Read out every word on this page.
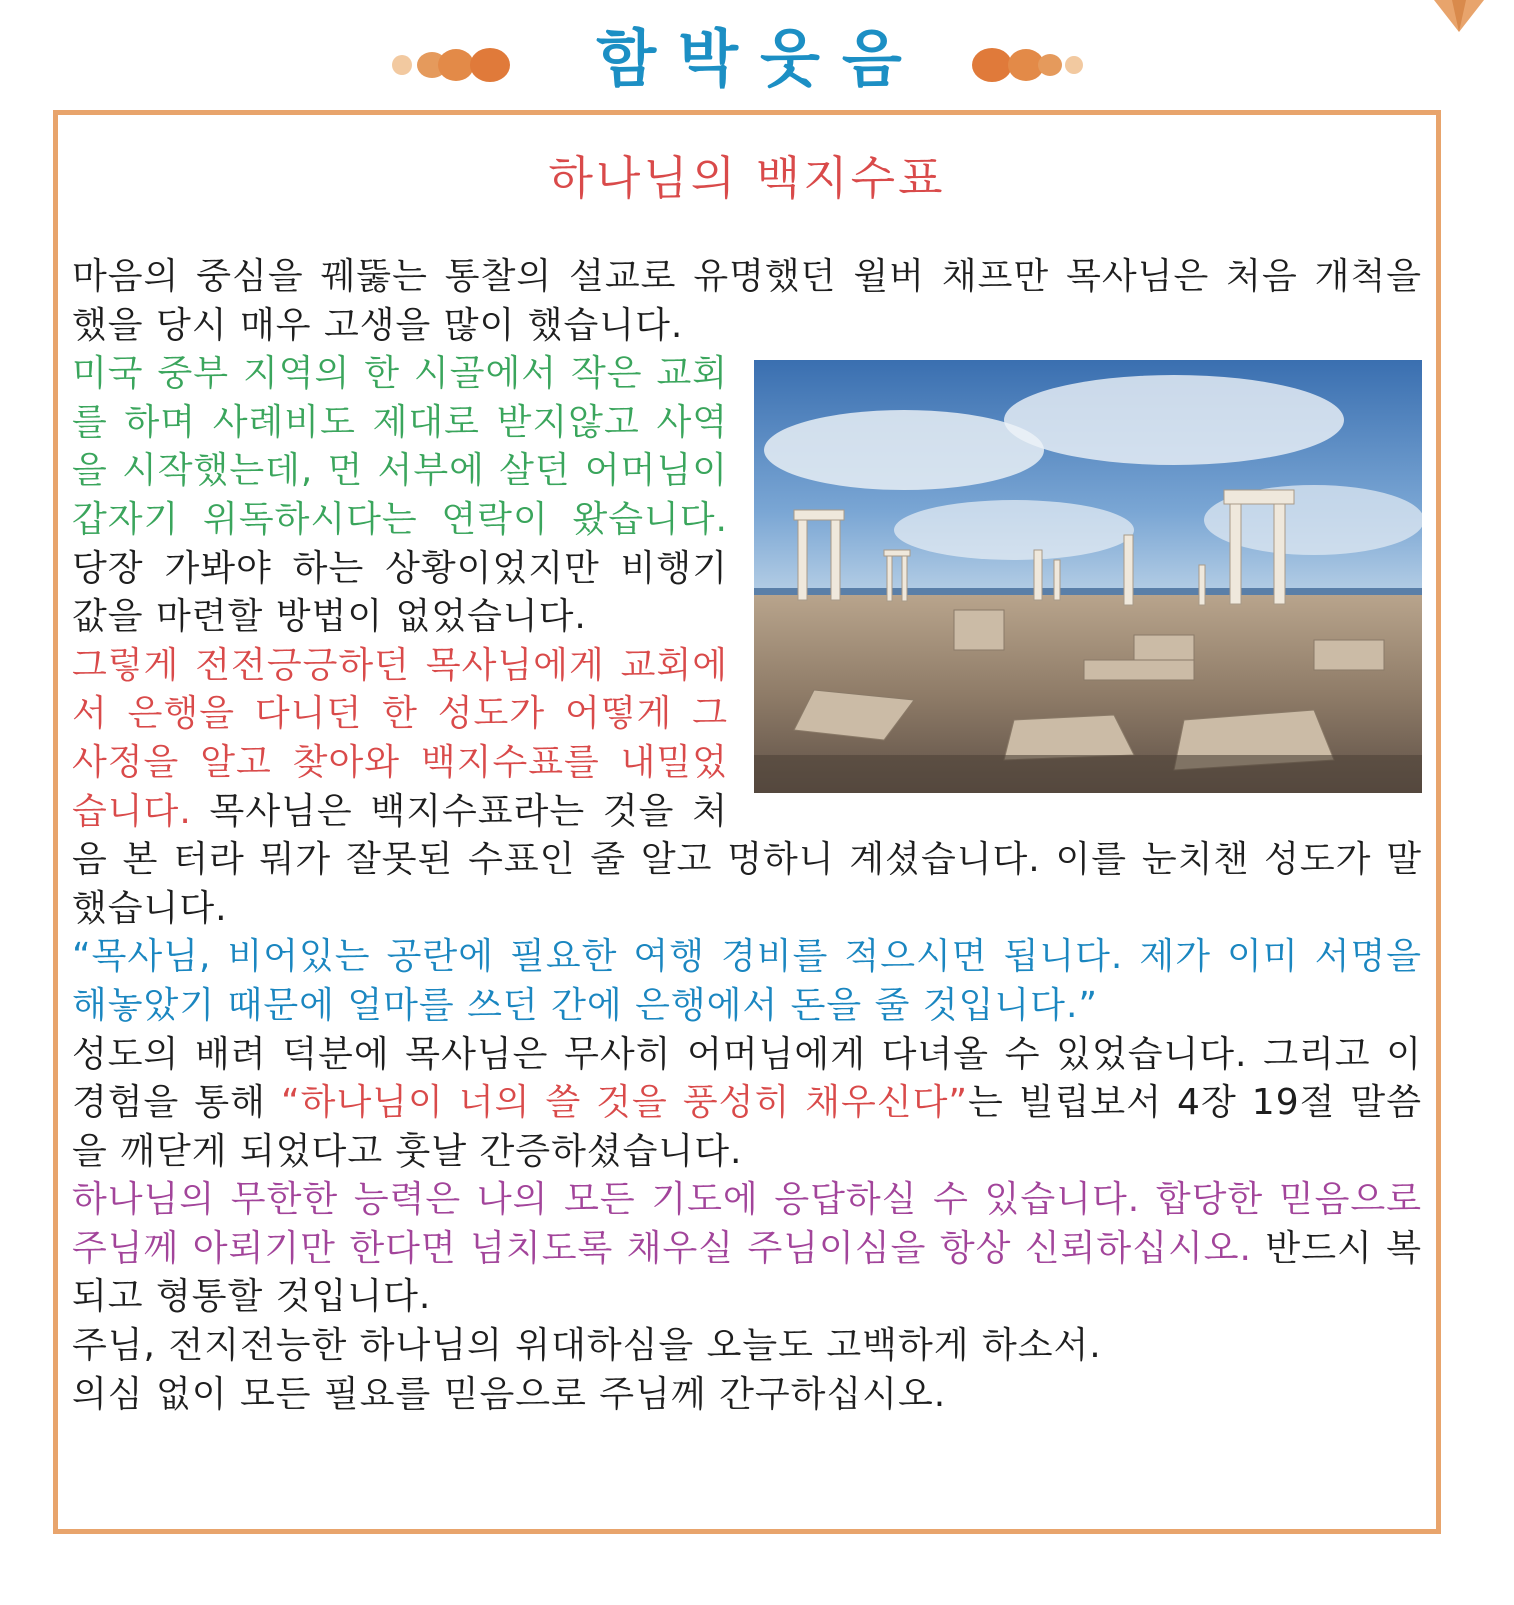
함박웃음
하나님의 백지수표

마음의 중심을 꿰뚫는 통찰의 설교로 유명했던 윌버 채프만 목사님은 처음 개척을 했을 당시 매우 고생을 많이 했습니다.

미국 중부 지역의 한 시골에서 작은 교회를 하며 사례비도 제대로 받지않고 사역을 시작했는데, 먼 서부에 살던 어머님이 갑자기 위독하시다는 연락이 왔습니다. 당장 가봐야 하는 상황이었지만 비행기 값을 마련할 방법이 없었습니다.

그렇게 전전긍긍하던 목사님에게 교회에서 은행을 다니던 한 성도가 어떻게 그 사정을 알고 찾아와 백지수표를 내밀었습니다. 목사님은 백지수표라는 것을 처음 본 터라 뭐가 잘못된 수표인 줄 알고 멍하니 계셨습니다. 이를 눈치챈 성도가 말했습니다.

“목사님, 비어있는 공란에 필요한 여행 경비를 적으시면 됩니다. 제가 이미 서명을 해놓았기 때문에 얼마를 쓰던 간에 은행에서 돈을 줄 것입니다.”

성도의 배려 덕분에 목사님은 무사히 어머님에게 다녀올 수 있었습니다. 그리고 이 경험을 통해 “하나님이 너의 쓸 것을 풍성히 채우신다”는 빌립보서 4장 19절 말씀을 깨닫게 되었다고 훗날 간증하셨습니다.

하나님의 무한한 능력은 나의 모든 기도에 응답하실 수 있습니다. 합당한 믿음으로 주님께 아뢰기만 한다면 넘치도록 채우실 주님이심을 항상 신뢰하십시오. 반드시 복되고 형통할 것입니다.

주님, 전지전능한 하나님의 위대하심을 오늘도 고백하게 하소서.

의심 없이 모든 필요를 믿음으로 주님께 간구하십시오.
